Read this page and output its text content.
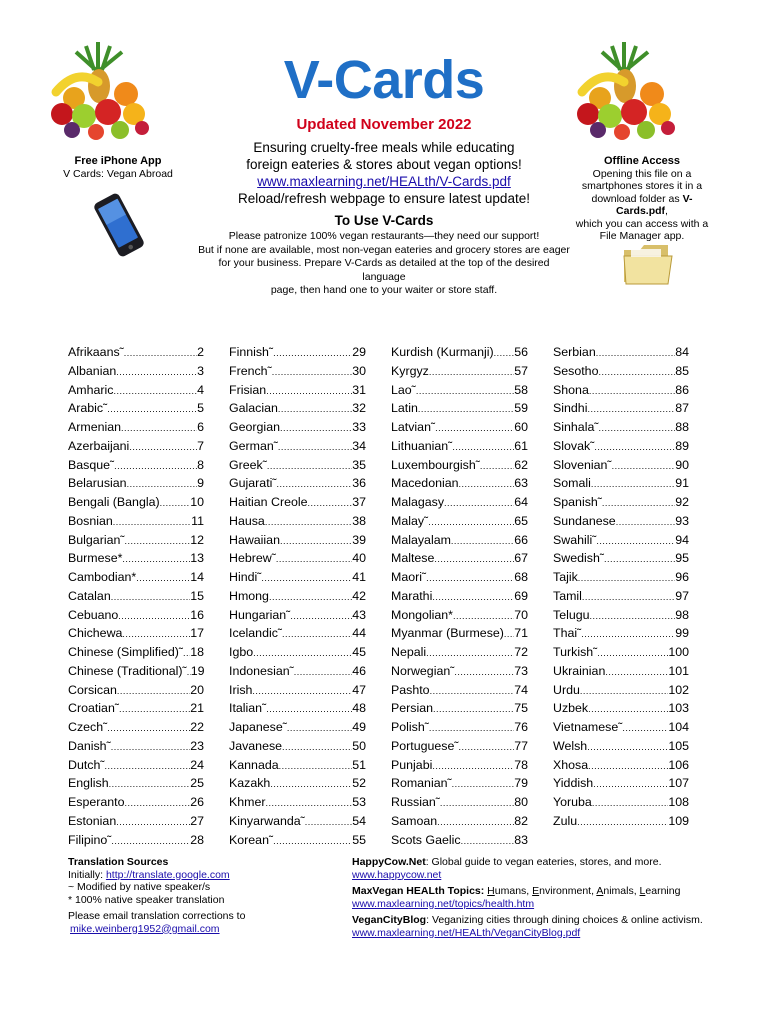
Free iPhone App
V Cards: Vegan Abroad
Offline Access
Opening this file on a
smartphones stores it in a
download folder as V-Cards.pdf,
which you can access with a
File Manager app.
V-Cards
Updated November 2022
Ensuring cruelty-free meals while educating
foreign eateries & stores about vegan options!
www.maxlearning.net/HEALth/V-Cards.pdf
Reload/refresh webpage to ensure latest update!
To Use V-Cards
Please patronize 100% vegan restaurants—they need our support!
But if none are available, most non-vegan eateries and grocery stores are eager
for your business. Prepare V-Cards as detailed at the top of the desired language
page, then hand one to your waiter or store staff.
Afrikaans˜ .....	2
Albanian .....	3
Amharic .....	4
Arabic˜ .....	5
Armenian .....	6
Azerbaijani .....	7
Basque˜ .....	8
Belarusian .....	9
Bengali (Bangla) ..... 10
Bosnian .....	11
Bulgarian˜ .....	12
Burmese* .....	13
Cambodian* .....	14
Catalan .....	15
Cebuano .....	16
Chichewa .....	17
Chinese (Simplified)˜ ..... 18
Chinese (Traditional)˜ ..... 19
Corsican .....	20
Croatian˜ .....	21
Czech˜ .....	22
Danish˜ .....	23
Dutch˜ .....	24
English .....	25
Esperanto .....	26
Estonian .....	27
Filipino˜ .....	28
Finnish˜ .....	29
French˜ .....	30
Frisian .....	31
Galacian .....	32
Georgian .....	33
German˜ .....	34
Greek˜ .....	35
Gujarati˜ .....	36
Haitian Creole .....	37
Hausa .....	38
Hawaiian .....	39
Hebrew˜ .....	40
Hindi˜ .....	41
Hmong .....	42
Hungarian˜ .....	43
Icelandic˜ .....	44
Igbo .....	45
Indonesian˜ .....	46
Irish .....	47
Italian˜ .....	48
Japanese˜ .....	49
Javanese .....	50
Kannada .....	51
Kazakh .....	52
Khmer .....	53
Kinyarwanda˜ .....	54
Korean˜ .....	55
Kurdish (Kurmanji) ..... 56
Kyrgyz .....	57
Lao˜ .....	58
Latin .....	59
Latvian˜ .....	60
Lithuanian˜ .....	61
Luxembourgish˜ .....	62
Macedonian .....	63
Malagasy .....	64
Malay˜ .....	65
Malayalam .....	66
Maltese .....	67
Maori˜ .....	68
Marathi .....	69
Mongolian* .....	70
Myanmar (Burmese) ..... 71
Nepali .....	72
Norwegian˜ .....	73
Pashto .....	74
Persian .....	75
Polish˜ .....	76
Portuguese˜ .....	77
Punjabi .....	78
Romanian˜ .....	79
Russian˜ .....	80
Samoan .....	82
Scots Gaelic .....	83
Serbian .....	84
Sesotho .....	85
Shona .....	86
Sindhi .....	87
Sinhala˜ .....	88
Slovak˜ .....	89
Slovenian˜ .....	90
Somali .....	91
Spanish˜ .....	92
Sundanese .....	93
Swahili˜ .....	94
Swedish˜ .....	95
Tajik .....	96
Tamil .....	97
Telugu .....	98
Thai˜ .....	99
Turkish˜ .....	100
Ukrainian .....	101
Urdu .....	102
Uzbek .....	103
Vietnamese˜ .....	104
Welsh .....	105
Xhosa .....	106
Yiddish .....	107
Yoruba .....	108
Zulu .....	109
Translation Sources
Initially: http://translate.google.com
~ Modified by native speaker/s
* 100% native speaker translation
Please email translation corrections to
mike.weinberg1952@gmail.com
HappyCow.Net: Global guide to vegan eateries, stores, and more.
www.happycow.net
MaxVegan HEALth Topics: Humans, Environment, Animals, Learning
www.maxlearning.net/topics/health.htm
VeganCityBlog: Veganizing cities through dining choices & online activism.
www.maxlearning.net/HEALth/VeganCityBlog.pdf
